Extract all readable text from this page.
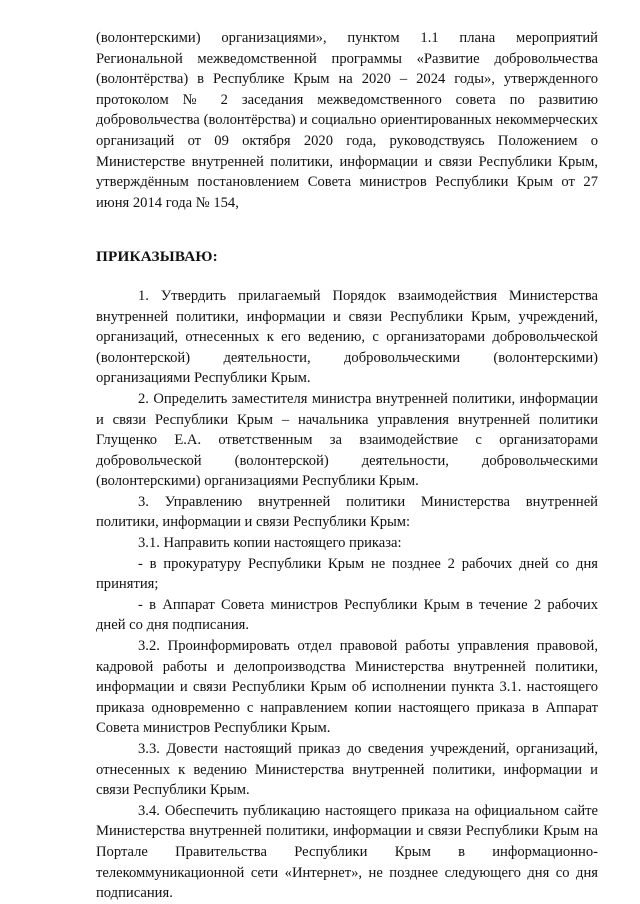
(волонтерскими) организациями», пунктом 1.1 плана мероприятий Региональной межведомственной программы «Развитие добровольчества (волонтёрства) в Республике Крым на 2020 – 2024 годы», утвержденного протоколом № 2 заседания межведомственного совета по развитию добровольчества (волонтёрства) и социально ориентированных некоммерческих организаций от 09 октября 2020 года, руководствуясь Положением о Министерстве внутренней политики, информации и связи Республики Крым, утверждённым постановлением Совета министров Республики Крым от 27 июня 2014 года № 154,

ПРИКАЗЫВАЮ:

1. Утвердить прилагаемый Порядок взаимодействия Министерства внутренней политики, информации и связи Республики Крым, учреждений, организаций, отнесенных к его ведению, с организаторами добровольческой (волонтерской) деятельности, добровольческими (волонтерскими) организациями Республики Крым.

2. Определить заместителя министра внутренней политики, информации и связи Республики Крым – начальника управления внутренней политики Глущенко Е.А. ответственным за взаимодействие с организаторами добровольческой (волонтерской) деятельности, добровольческими (волонтерскими) организациями Республики Крым.

3. Управлению внутренней политики Министерства внутренней политики, информации и связи Республики Крым:

3.1. Направить копии настоящего приказа:

- в прокуратуру Республики Крым не позднее 2 рабочих дней со дня принятия;

- в Аппарат Совета министров Республики Крым в течение 2 рабочих дней со дня подписания.

3.2. Проинформировать отдел правовой работы управления правовой, кадровой работы и делопроизводства Министерства внутренней политики, информации и связи Республики Крым об исполнении пункта 3.1. настоящего приказа одновременно с направлением копии настоящего приказа в Аппарат Совета министров Республики Крым.

3.3. Довести настоящий приказ до сведения учреждений, организаций, отнесенных к ведению Министерства внутренней политики, информации и связи Республики Крым.

3.4. Обеспечить публикацию настоящего приказа на официальном сайте Министерства внутренней политики, информации и связи Республики Крым на Портале Правительства Республики Крым в информационно-телекоммуникационной сети «Интернет», не позднее следующего дня со дня подписания.
